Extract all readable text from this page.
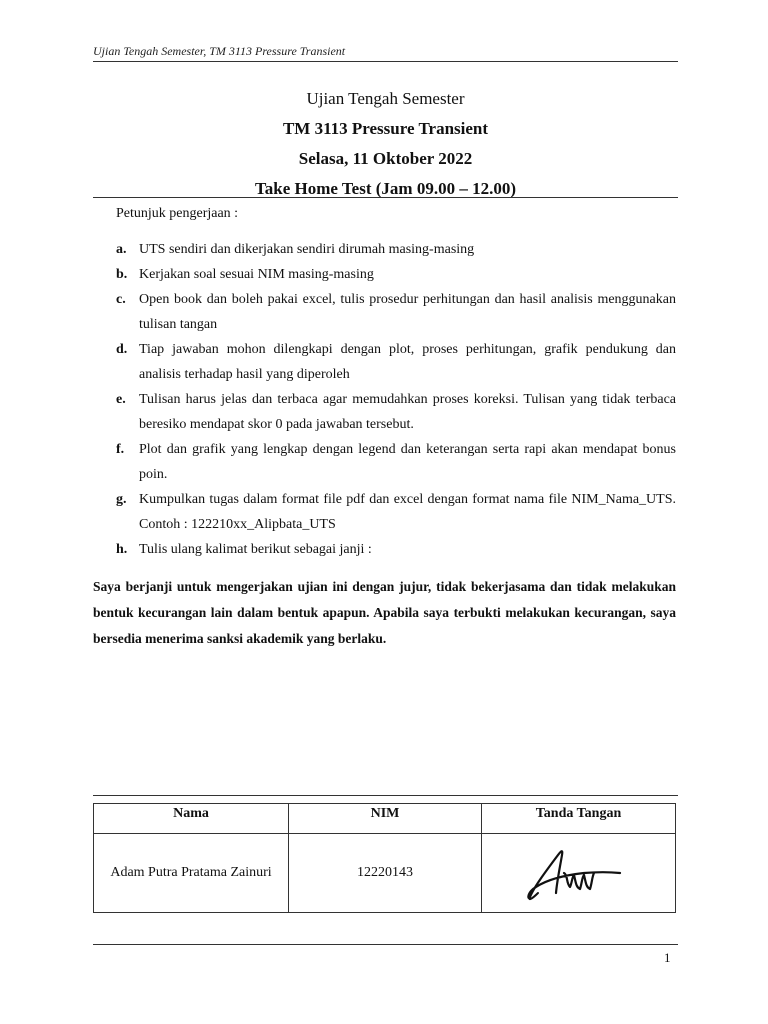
Ujian Tengah Semester, TM 3113 Pressure Transient
Ujian Tengah Semester
TM 3113 Pressure Transient
Selasa, 11 Oktober 2022
Take Home Test (Jam 09.00 – 12.00)
Petunjuk pengerjaan :
a. UTS sendiri dan dikerjakan sendiri dirumah masing-masing
b. Kerjakan soal sesuai NIM masing-masing
c. Open book dan boleh pakai excel, tulis prosedur perhitungan dan hasil analisis menggunakan tulisan tangan
d. Tiap jawaban mohon dilengkapi dengan plot, proses perhitungan, grafik pendukung dan analisis terhadap hasil yang diperoleh
e. Tulisan harus jelas dan terbaca agar memudahkan proses koreksi. Tulisan yang tidak terbaca beresiko mendapat skor 0 pada jawaban tersebut.
f. Plot dan grafik yang lengkap dengan legend dan keterangan serta rapi akan mendapat bonus poin.
g. Kumpulkan tugas dalam format file pdf dan excel dengan format nama file NIM_Nama_UTS. Contoh : 122210xx_Alipbata_UTS
h. Tulis ulang kalimat berikut sebagai janji :
Saya berjanji untuk mengerjakan ujian ini dengan jujur, tidak bekerjasama dan tidak melakukan bentuk kecurangan lain dalam bentuk apapun. Apabila saya terbukti melakukan kecurangan, saya bersedia menerima sanksi akademik yang berlaku.
Nama	NIM	Tanda Tangan
Adam Putra Pratama Zainuri	12220143	
1
